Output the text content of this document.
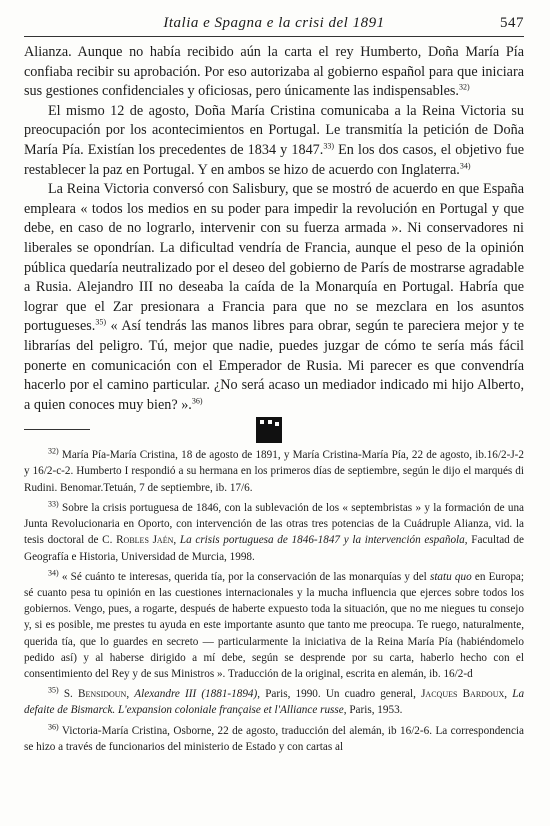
Italia e Spagna e la crisi del 1891	547

Alianza. Aunque no había recibido aún la carta el rey Humberto, Doña María Pía confiaba recibir su aprobación. Por eso autorizaba al gobierno español para que iniciara sus gestiones confidenciales y oficiosas, pero únicamente las indispensables.$^{32)}$

El mismo 12 de agosto, Doña María Cristina comunicaba a la Reina Victoria su preocupación por los acontecimientos en Portugal. Le transmitía la petición de Doña María Pía. Existían los precedentes de 1834 y 1847.$^{33)}$ En los dos casos, el objetivo fue restablecer la paz en Portugal. Y en ambos se hizo de acuerdo con Inglaterra.$^{34)}$

La Reina Victoria conversó con Salisbury, que se mostró de acuerdo en que España empleara « todos los medios en su poder para impedir la revolución en Portugal y que debe, en caso de no lograrlo, intervenir con su fuerza armada ». Ni conservadores ni liberales se opondrían. La dificultad vendría de Francia, aunque el peso de la opinión pública quedaría neutralizado por el deseo del gobierno de París de mostrarse agradable a Rusia. Alejandro III no deseaba la caída de la Monarquía en Portugal. Habría que lograr que el Zar presionara a Francia para que no se mezclara en los asuntos portugueses.$^{35)}$ « Así tendrás las manos libres para obrar, según te pareciera mejor y te librarías del peligro. Tú, mejor que nadie, puedes juzgar de cómo te sería más fácil ponerte en comunicación con el Emperador de Rusia. Mi parecer es que convendría hacerlo por el camino particular. ¿No será acaso un mediador indicado mi hijo Alberto, a quien conoces muy bien? ».$^{36)}$

$^{32)}$ María Pía-María Cristina, 18 de agosto de 1891, y María Cristina-María Pía, 22 de agosto, ib.16/2-J-2 y 16/2-c-2. Humberto I respondió a su hermana en los primeros días de septiembre, según le dijo el marqués di Rudini. Benomar.Tetuán, 7 de septiembre, ib. 17/6.

$^{33)}$ Sobre la crisis portuguesa de 1846, con la sublevación de los « septembristas » y la formación de una Junta Revolucionaria en Oporto, con intervención de las otras tres potencias de la Cuádruple Alianza, vid. la tesis doctoral de C. Robles Jaén, La crisis portuguesa de 1846-1847 y la intervención española, Facultad de Geografía e Historia, Universidad de Murcia, 1998.

$^{34)}$ « Sé cuánto te interesas, querida tía, por la conservación de las monarquías y del statu quo en Europa; sé cuanto pesa tu opinión en las cuestiones internacionales y la mucha influencia que ejerces sobre todos los gobiernos. Vengo, pues, a rogarte, después de haberte expuesto toda la situación, que no me niegues tu consejo y, si es posible, me prestes tu ayuda en este importante asunto que tanto me preocupa. Te ruego, naturalmente, querida tía, que lo guardes en secreto — particularmente la iniciativa de la Reina María Pía (habiéndomelo pedido así) y al haberse dirigido a mí debe, según se desprende por su carta, haberlo hecho con el consentimiento del Rey y de sus Ministros ». Traducción de la original, escrita en alemán, ib. 16/2-d

$^{35)}$ S. Bensidoun, Alexandre III (1881-1894), Paris, 1990. Un cuadro general, Jacques Bardoux, La defaite de Bismarck. L'expansion coloniale française et l'Alliance russe, Paris, 1953.

$^{36)}$ Victoria-María Cristina, Osborne, 22 de agosto, traducción del alemán, ib 16/2-6. La correspondencia se hizo a través de funcionarios del ministerio de Estado y con cartas al
